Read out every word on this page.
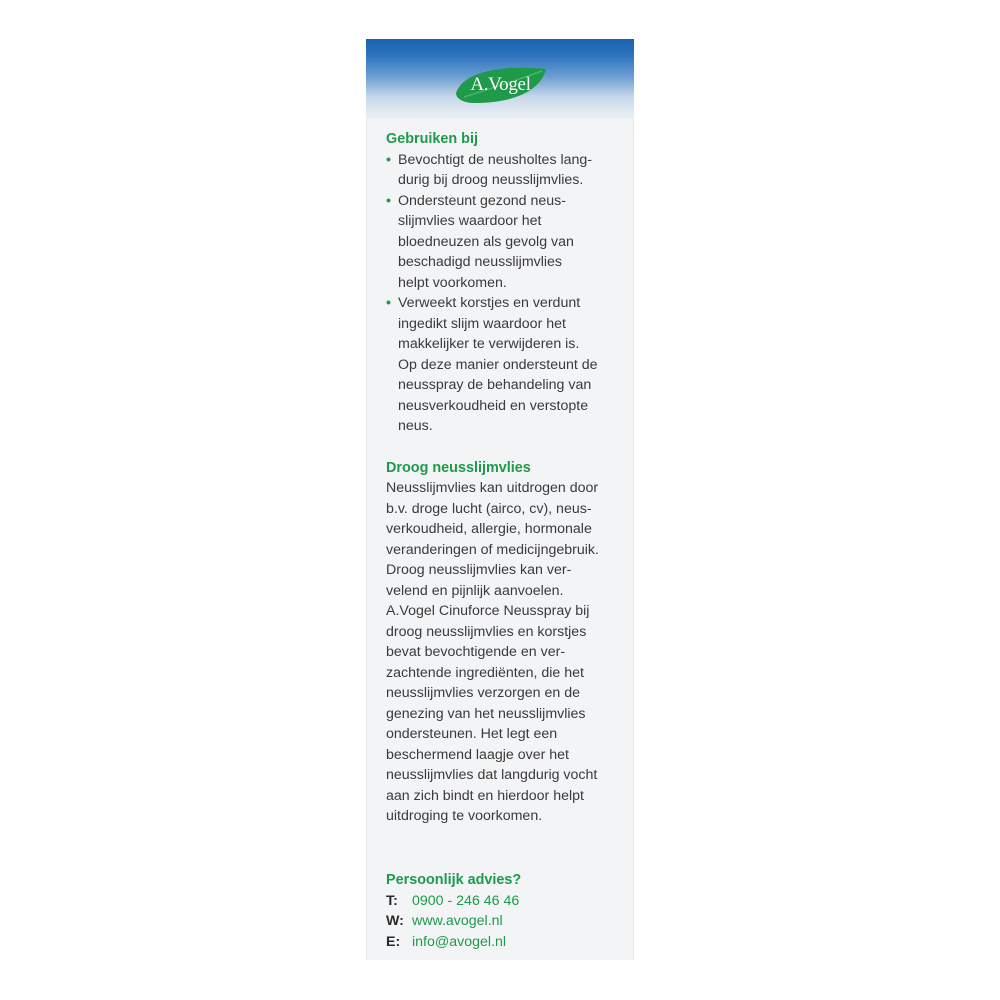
A.Vogel
Gebruiken bij
• Bevochtigt de neusholtes lang-
durig bij droog neusslijmvlies.
• Ondersteunt gezond neus-
slijmvlies waardoor het
bloedneuzen als gevolg van
beschadigd neusslijmvlies
helpt voorkomen.
• Verweekt korstjes en verdunt
ingedikt slijm waardoor het
makkelijker te verwijderen is.
Op deze manier ondersteunt de
neusspray de behandeling van
neusverkoudheid en verstopte
neus.
Droog neusslijmvlies

Neusslijmvlies kan uitdrogen door
b.v. droge lucht (airco, cv), neus-
verkoudheid, allergie, hormonale
veranderingen of medicijngebruik.
Droog neusslijmvlies kan ver-
velend en pijnlijk aanvoelen.
A.Vogel Cinuforce Neusspray bij
droog neusslijmvlies en korstjes
bevat bevochtigende en ver-
zachtende ingrediënten, die het
neusslijmvlies verzorgen en de
genezing van het neusslijmvlies
ondersteunen. Het legt een
beschermend laagje over het
neusslijmvlies dat langdurig vocht
aan zich bindt en hierdoor helpt
uitdroging te voorkomen.

Persoonlijk advies?
T: 0900 - 246 46 46
W: www.avogel.nl
E: info@avogel.nl
